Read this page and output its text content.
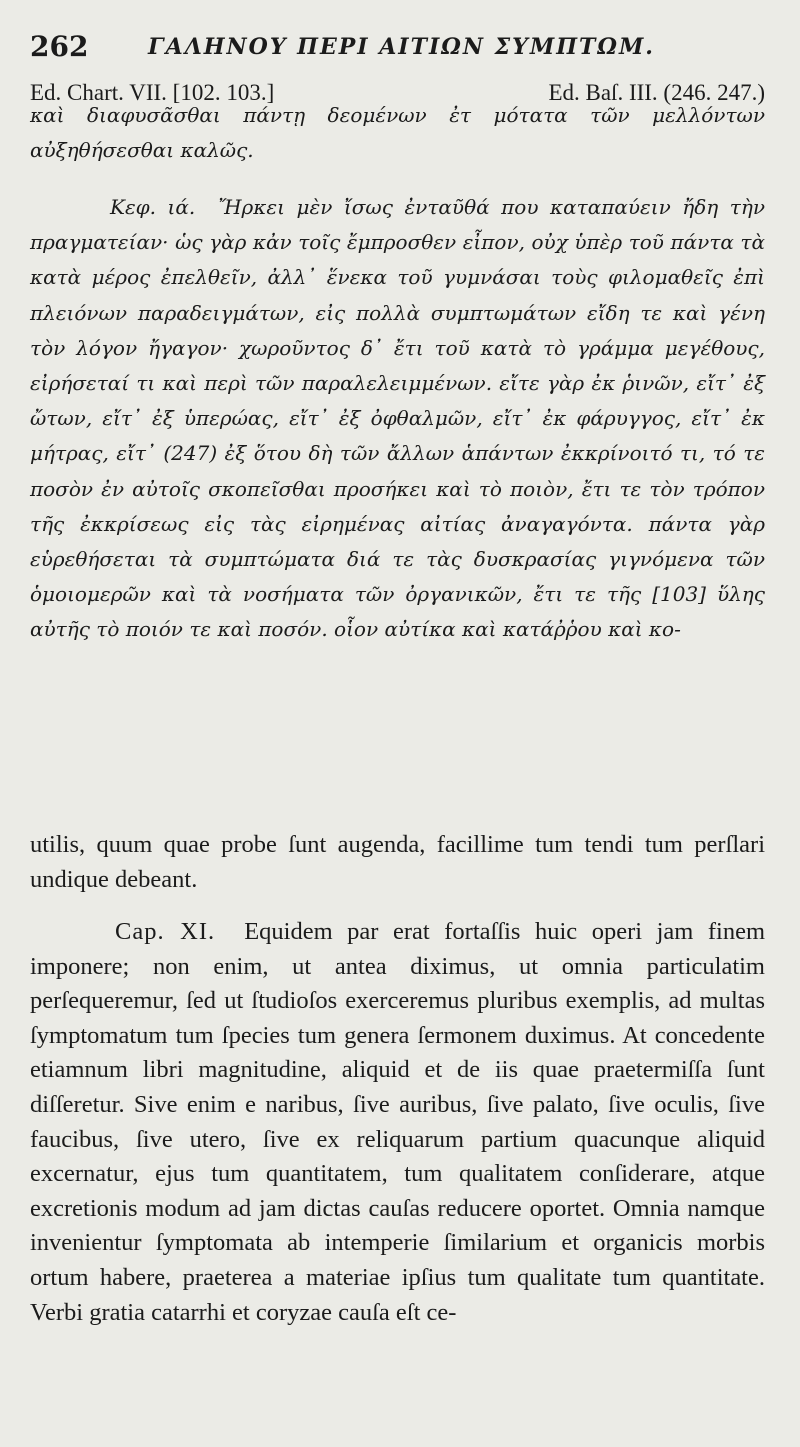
262	ΓΑΛΗΝΟΥ ΠΕΡΙ ΑΙΤΙΩΝ ΣΥΜΠΤΩΜ.
Ed. Chart. VII. [102. 103.]	Ed. Baſ. III. (246. 247.)

καὶ διαφυσᾶσθαι πάντῃ δεομένων ἐτ μότατα τῶν μελλόντων αὐξηθήσεσθαι καλῶς.

Κεφ. ιά. Ἤρκει μὲν ἴσως ἐνταῦθά που καταπαύειν ἤδη τὴν πραγματείαν· ὡς γὰρ κἀν τοῖς ἔμπροσθεν εἶπον, οὐχ ὑπὲρ τοῦ πάντα τὰ κατὰ μέρος ἐπελθεῖν, ἀλλ᾽ ἕνεκα τοῦ γυμνάσαι τοὺς φιλομαθεῖς ἐπὶ πλειόνων παραδειγμάτων, εἰς πολλὰ συμπτωμάτων εἴδη τε καὶ γένη τὸν λόγον ἤγαγον· χωροῦντος δ᾽ ἔτι τοῦ κατὰ τὸ γράμμα μεγέθους, εἰρήσεταί τι καὶ περὶ τῶν παραλελειμμένων. εἴτε γὰρ ἐκ ῥινῶν, εἴτ᾽ ἐξ ὤτων, εἴτ᾽ ἐξ ὑπερώας, εἴτ᾽ ἐξ ὀφθαλμῶν, εἴτ᾽ ἐκ φάρυγγος, εἴτ᾽ ἐκ μήτρας, εἴτ᾽ (247) ἐξ ὅτου δὴ τῶν ἄλλων ἁπάντων ἐκκρίνοιτό τι, τό τε ποσὸν ἐν αὐτοῖς σκοπεῖσθαι προσήκει καὶ τὸ ποιὸν, ἔτι τε τὸν τρόπον τῆς ἐκκρίσεως εἰς τὰς εἰρημένας αἰτίας ἀναγαγόντα. πάντα γὰρ εὑρεθήσεται τὰ συμπτώματα διά τε τὰς δυσκρασίας γιγνόμενα τῶν ὁμοιομερῶν καὶ τὰ νοσήματα τῶν ὀργανικῶν, ἔτι τε τῆς [103] ὕλης αὐτῆς τὸ ποιόν τε καὶ ποσόν. οἷον αὐτίκα καὶ κατάῤῥου καὶ κο-

utilis, quum quae probe ſunt augenda, facillime tum tendi tum perſlari undique debeant.

Cap. XI. Equidem par erat fortaſſis huic operi jam finem imponere; non enim, ut antea diximus, ut omnia particulatim perſequeremur, ſed ut ſtudioſos exerceremus pluribus exemplis, ad multas ſymptomatum tum ſpecies tum genera ſermonem duximus. At concedente etiamnum libri magnitudine, aliquid et de iis quae praetermiſſa ſunt diſſeretur. Sive enim e naribus, ſive auribus, ſive palato, ſive oculis, ſive faucibus, ſive utero, ſive ex reliquarum partium quacunque aliquid excernatur, ejus tum quantitatem, tum qualitatem conſiderare, atque excretionis modum ad jam dictas cauſas reducere oportet. Omnia namque invenientur ſymptomata ab intemperie ſimilarium et organicis morbis ortum habere, praeterea a materiae ipſius tum qualitate tum quantitate. Verbi gratia catarrhi et coryzae cauſa eſt ce-
